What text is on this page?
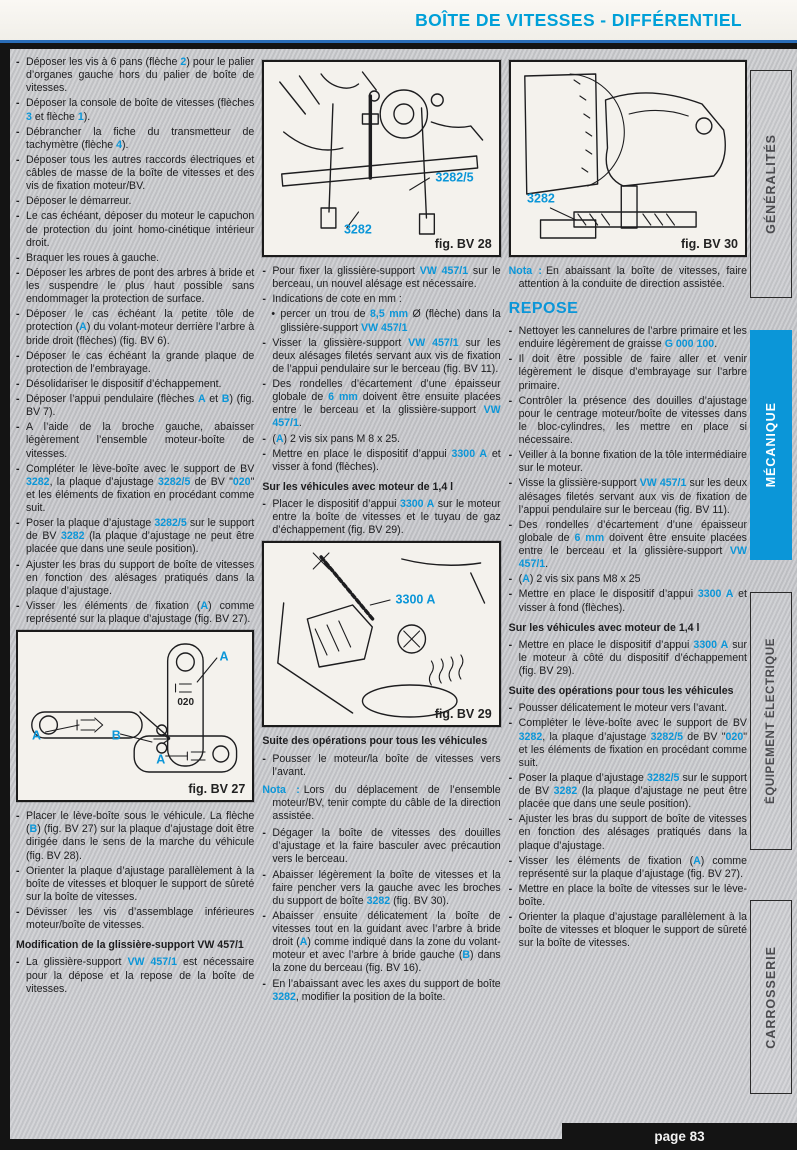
BOÎTE DE VITESSES - DIFFÉRENTIEL
- Déposer les vis à 6 pans (flèche 2) pour le palier d’organes gauche hors du palier de boîte de vitesses.
- Déposer la console de boîte de vitesses (flèches 3 et flèche 1).
- Débrancher la fiche du transmetteur de tachymètre (flèche 4).
- Déposer tous les autres raccords électriques et câbles de masse de la boîte de vitesses et des vis de fixation moteur/BV.
- Déposer le démarreur.
- Le cas échéant, déposer du moteur le capuchon de protection du joint homo-cinétique intérieur droit.
- Braquer les roues à gauche.
- Déposer les arbres de pont des arbres à bride et les suspendre le plus haut possible sans endommager la protection de surface.
- Déposer le cas échéant la petite tôle de protection (A) du volant-moteur derrière l’arbre à bride droit (flèches) (fig. BV 6).
- Déposer le cas échéant la grande plaque de protection de l’embrayage.
- Désolidariser le dispositif d’échappement.
- Déposer l’appui pendulaire (flèches A et B) (fig. BV 7).
- A l’aide de la broche gauche, abaisser légèrement l’ensemble moteur-boîte de vitesses.
- Compléter le lève-boîte avec le support de BV 3282, la plaque d’ajustage 3282/5 de BV "020" et les éléments de fixation en procédant comme suit.
- Poser la plaque d’ajustage 3282/5 sur le support de BV 3282 (la plaque d’ajustage ne peut être placée que dans une seule position).
- Ajuster les bras du support de boîte de vitesses en fonction des alésages pratiqués dans la plaque d’ajustage.
- Visser les éléments de fixation (A) comme représenté sur la plaque d’ajustage (fig. BV 27).
A
A	B
A
020
fig. BV 27
- Placer le lève-boîte sous le véhicule. La flèche (B) (fig. BV 27) sur la plaque d’ajustage doit être dirigée dans le sens de la marche du véhicule (fig. BV 28).
- Orienter la plaque d’ajustage parallèlement à la boîte de vitesses et bloquer le support de sûreté sur la boîte de vitesses.
- Dévisser les vis d’assemblage inférieures moteur/boîte de vitesses.
Modification de la glissière-support VW 457/1
- La glissière-support VW 457/1 est nécessaire pour la dépose et la repose de la boîte de vitesses.
3282/5
3282
fig. BV 28
- Pour fixer la glissière-support VW 457/1 sur le berceau, un nouvel alésage est nécessaire.
- Indications de cote en mm :
• percer un trou de 8,5 mm Ø (flèche) dans la glissière-support VW 457/1
- Visser la glissière-support VW 457/1 sur les deux alésages filetés servant aux vis de fixation de l’appui pendulaire sur le berceau (fig. BV 11).
- Des rondelles d’écartement d’une épaisseur globale de 6 mm doivent être ensuite placées entre le berceau et la glissière-support VW 457/1.
- (A) 2 vis six pans M 8 x 25.
- Mettre en place le dispositif d’appui 3300 A et visser à fond (flèches).
Sur les véhicules avec moteur de 1,4 l
- Placer le dispositif d’appui 3300 A sur le moteur entre la boîte de vitesses et le tuyau de gaz d’échappement (fig. BV 29).
3300 A
fig. BV 29
Suite des opérations pour tous les véhicules
- Pousser le moteur/la boîte de vitesses vers l’avant.
Nota : Lors du déplacement de l’ensemble moteur/BV, tenir compte du câble de la direction assistée.
- Dégager la boîte de vitesses des douilles d’ajustage et la faire basculer avec précaution vers le berceau.
- Abaisser légèrement la boîte de vitesses et la faire pencher vers la gauche avec les broches du support de boîte 3282 (fig. BV 30).
- Abaisser ensuite délicatement la boîte de vitesses tout en la guidant avec l’arbre à bride droit (A) comme indiqué dans la zone du volant-moteur et avec l’arbre à bride gauche (B) dans la zone du berceau (fig. BV 16).
- En l’abaissant avec les axes du support de boîte 3282, modifier la position de la boîte.
3282
fig. BV 30
Nota : En abaissant la boîte de vitesses, faire attention à la conduite de direction assistée.
REPOSE
- Nettoyer les cannelures de l’arbre primaire et les enduire légèrement de graisse G 000 100.
- Il doit être possible de faire aller et venir légèrement le disque d’embrayage sur l’arbre primaire.
- Contrôler la présence des douilles d’ajustage pour le centrage moteur/boîte de vitesses dans le bloc-cylindres, les mettre en place si nécessaire.
- Veiller à la bonne fixation de la tôle intermédiaire sur le moteur.
- Visse la glissière-support VW 457/1 sur les deux alésages filetés servant aux vis de fixation de l’appui pendulaire sur le berceau (fig. BV 11).
- Des rondelles d’écartement d’une épaisseur globale de 6 mm doivent être ensuite placées entre le berceau et la glissière-support VW 457/1.
- (A) 2 vis six pans M8 x 25
- Mettre en place le dispositif d’appui 3300 A et visser à fond (flèches).
Sur les véhicules avec moteur de 1,4 l
- Mettre en place le dispositif d’appui 3300 A sur le moteur à côté du dispositif d’échappement (fig. BV 29).
Suite des opérations pour tous les véhicules
- Pousser délicatement le moteur vers l’avant.
- Compléter le lève-boîte avec le support de BV 3282, la plaque d’ajustage 3282/5 de BV "020" et les éléments de fixation en procédant comme suit.
- Poser la plaque d’ajustage 3282/5 sur le support de BV 3282 (la plaque d’ajustage ne peut être placée que dans une seule position).
- Ajuster les bras du support de boîte de vitesses en fonction des alésages pratiqués dans la plaque d’ajustage.
- Visser les éléments de fixation (A) comme représenté sur la plaque d’ajustage (fig. BV 27).
- Mettre en place la boîte de vitesses sur le lève-boîte.
- Orienter la plaque d’ajustage parallèlement à la boîte de vitesses et bloquer le support de sûreté sur la boîte de vitesses.
GÉNÉRALITÉS
MÉCANIQUE
ÉQUIPEMENT ÉLECTRIQUE
CARROSSERIE
page 83
